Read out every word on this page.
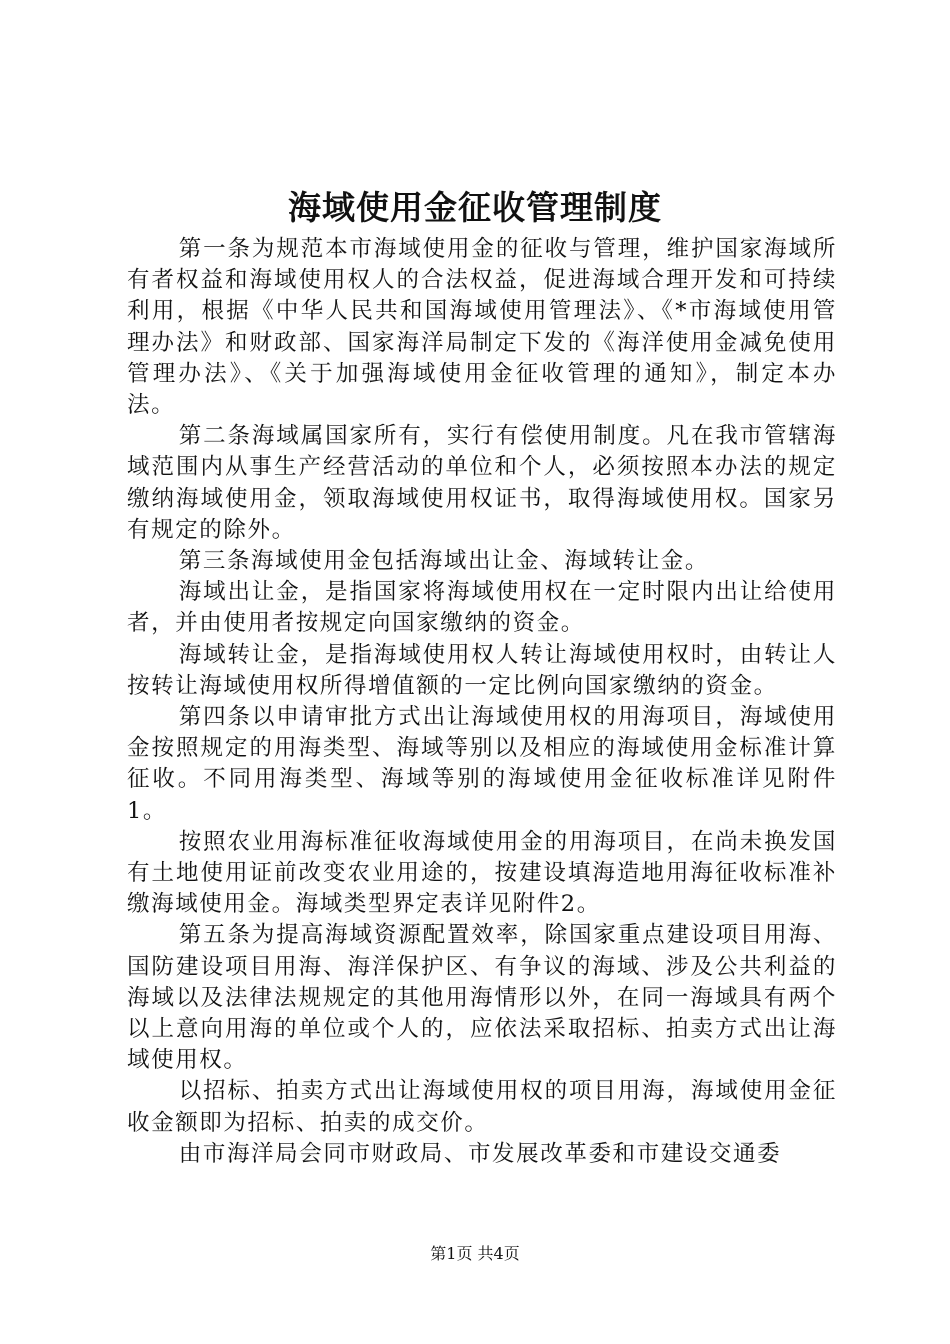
海域使用金征收管理制度

第一条为规范本市海域使用金的征收与管理，维护国家海域所有者权益和海域使用权人的合法权益，促进海域合理开发和可持续利用，根据《中华人民共和国海域使用管理法》、《*市海域使用管理办法》和财政部、国家海洋局制定下发的《海洋使用金减免使用管理办法》、《关于加强海域使用金征收管理的通知》，制定本办法。

第二条海域属国家所有，实行有偿使用制度。凡在我市管辖海域范围内从事生产经营活动的单位和个人，必须按照本办法的规定缴纳海域使用金，领取海域使用权证书，取得海域使用权。国家另有规定的除外。

第三条海域使用金包括海域出让金、海域转让金。

海域出让金，是指国家将海域使用权在一定时限内出让给使用者，并由使用者按规定向国家缴纳的资金。

海域转让金，是指海域使用权人转让海域使用权时，由转让人按转让海域使用权所得增值额的一定比例向国家缴纳的资金。

第四条以申请审批方式出让海域使用权的用海项目，海域使用金按照规定的用海类型、海域等别以及相应的海域使用金标准计算征收。不同用海类型、海域等别的海域使用金征收标准详见附件1。

按照农业用海标准征收海域使用金的用海项目，在尚未换发国有土地使用证前改变农业用途的，按建设填海造地用海征收标准补缴海域使用金。海域类型界定表详见附件2。

第五条为提高海域资源配置效率，除国家重点建设项目用海、国防建设项目用海、海洋保护区、有争议的海域、涉及公共利益的海域以及法律法规规定的其他用海情形以外，在同一海域具有两个以上意向用海的单位或个人的，应依法采取招标、拍卖方式出让海域使用权。

以招标、拍卖方式出让海域使用权的项目用海，海域使用金征收金额即为招标、拍卖的成交价。

由市海洋局会同市财政局、市发展改革委和市建设交通委

第1页 共4页
